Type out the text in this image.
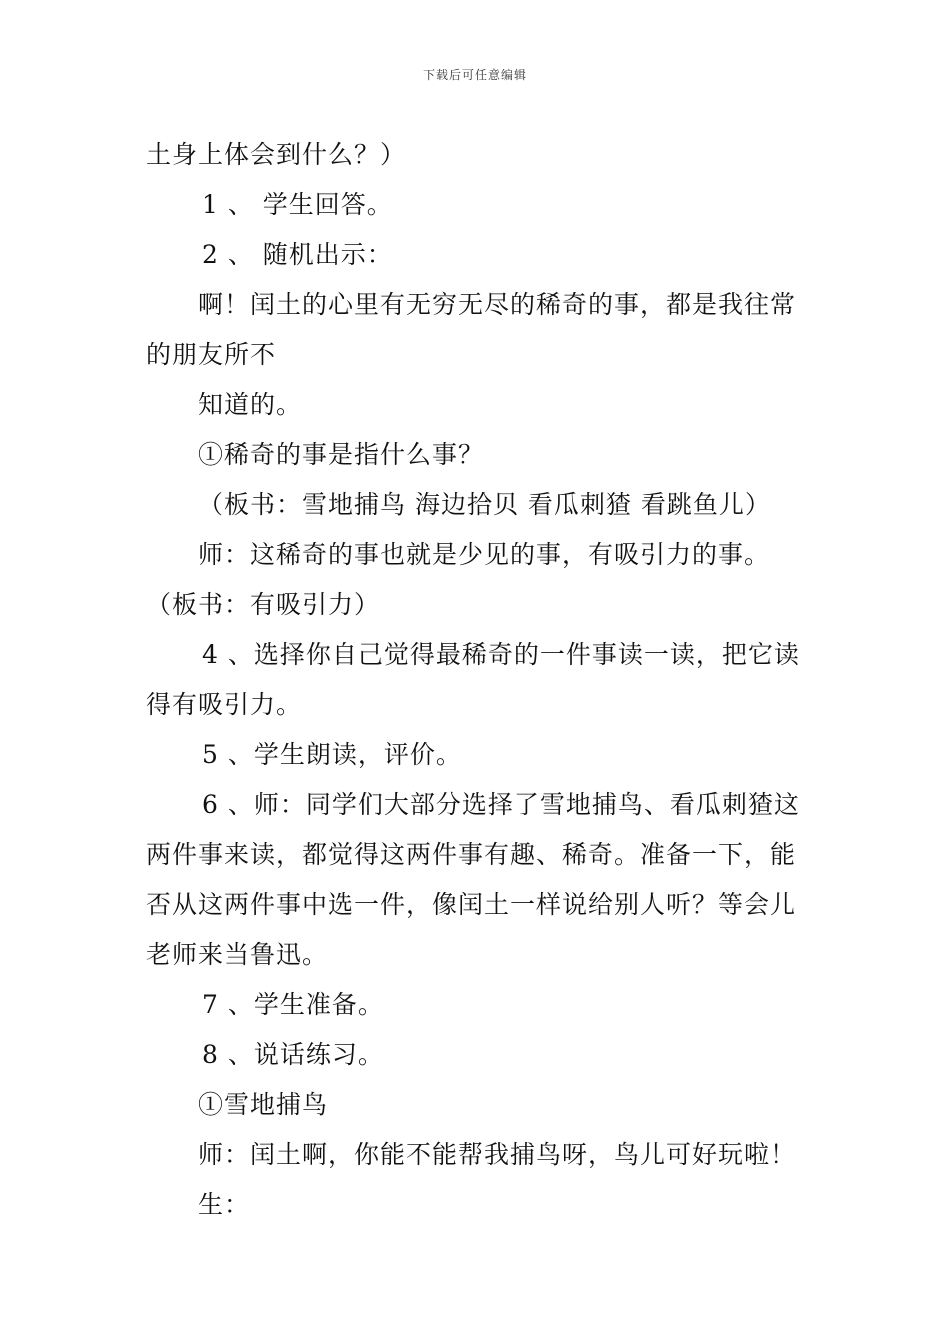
下载后可任意编辑
土身上体会到什么？）
1 、 学生回答。
2 、 随机出示：
啊！闰土的心里有无穷无尽的稀奇的事，都是我往常
的朋友所不
知道的。
①稀奇的事是指什么事？
（板书：雪地捕鸟 海边拾贝 看瓜刺猹 看跳鱼儿）
师：这稀奇的事也就是少见的事，有吸引力的事。
（板书：有吸引力）
4 、选择你自己觉得最稀奇的一件事读一读，把它读
得有吸引力。
5 、学生朗读，评价。
6 、师：同学们大部分选择了雪地捕鸟、看瓜刺猹这
两件事来读，都觉得这两件事有趣、稀奇。准备一下，能
否从这两件事中选一件，像闰土一样说给别人听？等会儿
老师来当鲁迅。
7 、学生准备。
8 、说话练习。
①雪地捕鸟
师：闰土啊，你能不能帮我捕鸟呀，鸟儿可好玩啦！
生：
